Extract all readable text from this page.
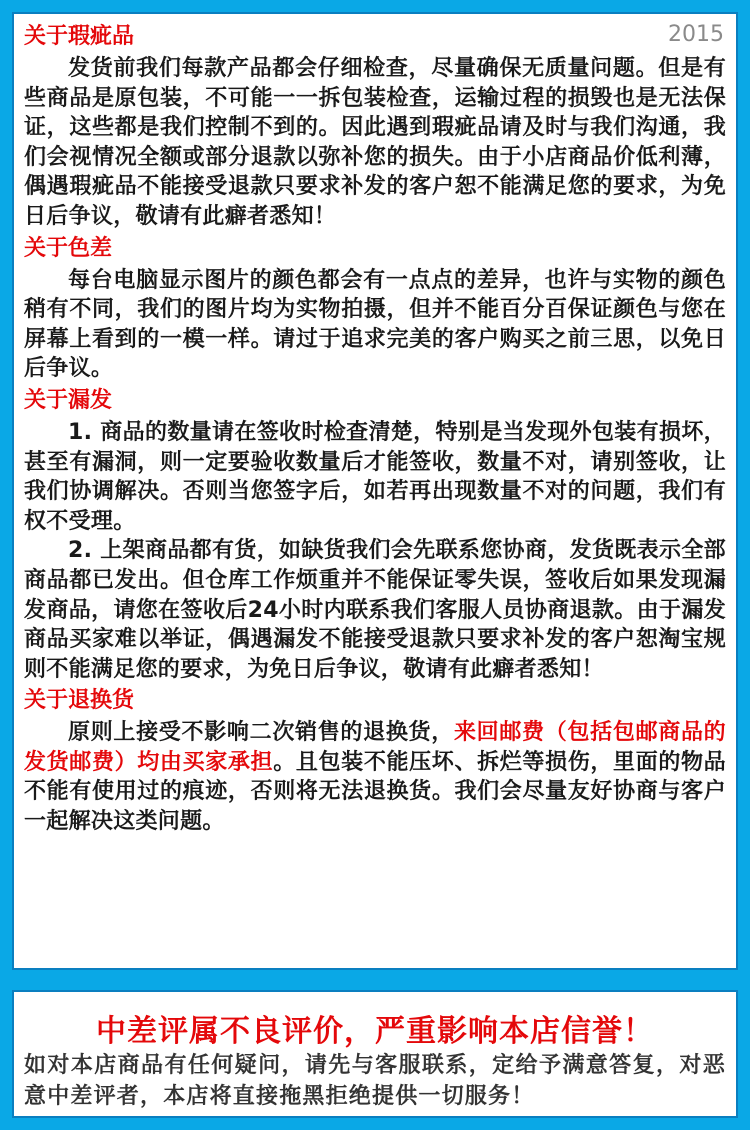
2015

关于瑕疵品

发货前我们每款产品都会仔细检查，尽量确保无质量问题。但是有些商品是原包装，不可能一一拆包装检查，运输过程的损毁也是无法保证，这些都是我们控制不到的。因此遇到瑕疵品请及时与我们沟通，我们会视情况全额或部分退款以弥补您的损失。由于小店商品价低利薄，偶遇瑕疵品不能接受退款只要求补发的客户恕不能满足您的要求，为免日后争议，敬请有此癖者悉知！

关于色差

每台电脑显示图片的颜色都会有一点点的差异，也许与实物的颜色稍有不同，我们的图片均为实物拍摄，但并不能百分百保证颜色与您在屏幕上看到的一模一样。请过于追求完美的客户购买之前三思，以免日后争议。

关于漏发

1. 商品的数量请在签收时检查清楚，特别是当发现外包装有损坏，甚至有漏洞，则一定要验收数量后才能签收，数量不对，请别签收，让我们协调解决。否则当您签字后，如若再出现数量不对的问题，我们有权不受理。

2. 上架商品都有货，如缺货我们会先联系您协商，发货既表示全部商品都已发出。但仓库工作烦重并不能保证零失误，签收后如果发现漏发商品，请您在签收后24小时内联系我们客服人员协商退款。由于漏发商品买家难以举证，偶遇漏发不能接受退款只要求补发的客户恕淘宝规则不能满足您的要求，为免日后争议，敬请有此癖者悉知！

关于退换货

原则上接受不影响二次销售的退换货，来回邮费（包括包邮商品的发货邮费）均由买家承担。且包装不能压坏、拆烂等损伤，里面的物品不能有使用过的痕迹，否则将无法退换货。我们会尽量友好协商与客户一起解决这类问题。

中差评属不良评价，严重影响本店信誉！
如对本店商品有任何疑问，请先与客服联系，定给予满意答复，对恶意中差评者，本店将直接拖黑拒绝提供一切服务！
